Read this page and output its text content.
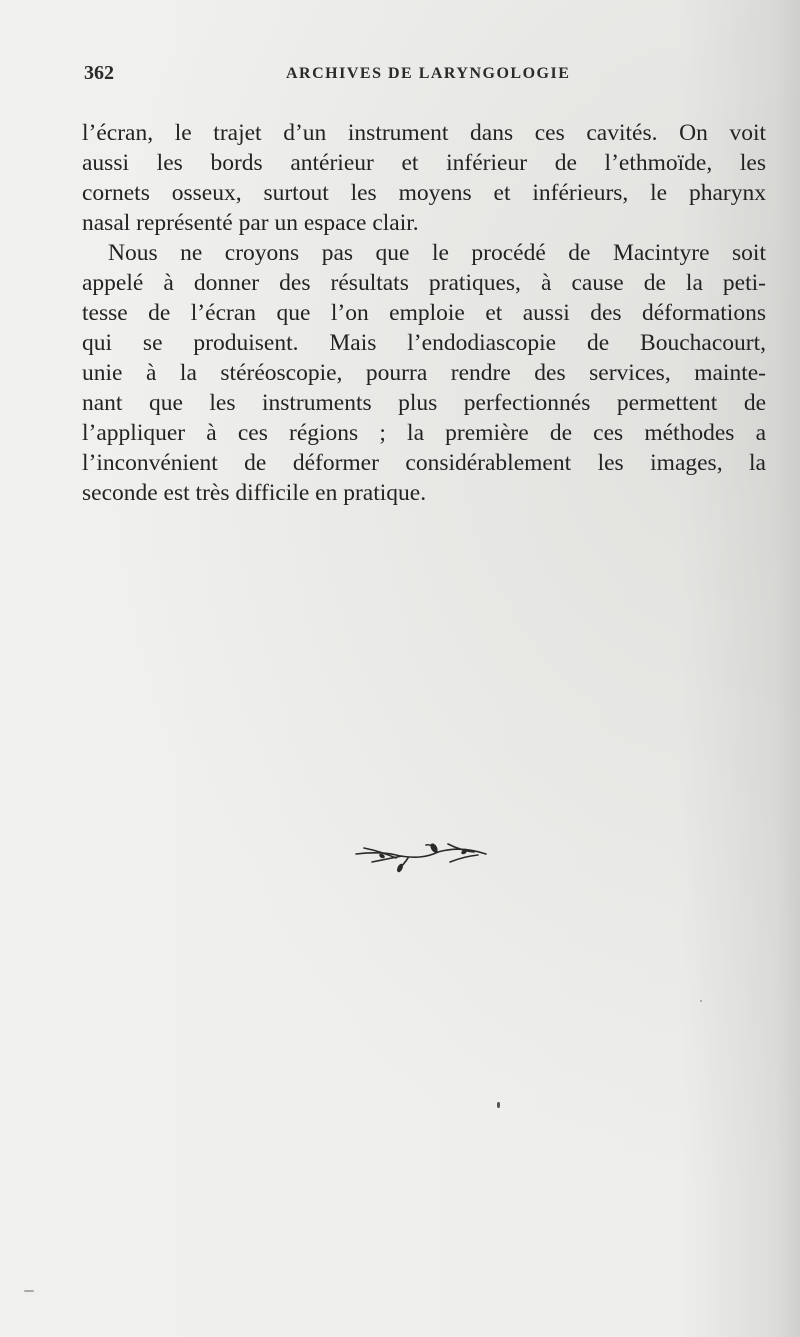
362	ARCHIVES DE LARYNGOLOGIE
l’écran, le trajet d’un instrument dans ces cavités. On voit
aussi les bords antérieur et inférieur de l’ethmoïde, les
cornets osseux, surtout les moyens et inférieurs, le pharynx
nasal représenté par un espace clair.
Nous ne croyons pas que le procédé de Macintyre soit
appelé à donner des résultats pratiques, à cause de la peti-
tesse de l’écran que l’on emploie et aussi des déformations
qui se produisent. Mais l’endodiascopie de Bouchacourt,
unie à la stéréoscopie, pourra rendre des services, mainte-
nant que les instruments plus perfectionnés permettent de
l’appliquer à ces régions ; la première de ces méthodes a
l’inconvénient de déformer considérablement les images, la
seconde est très difficile en pratique.
